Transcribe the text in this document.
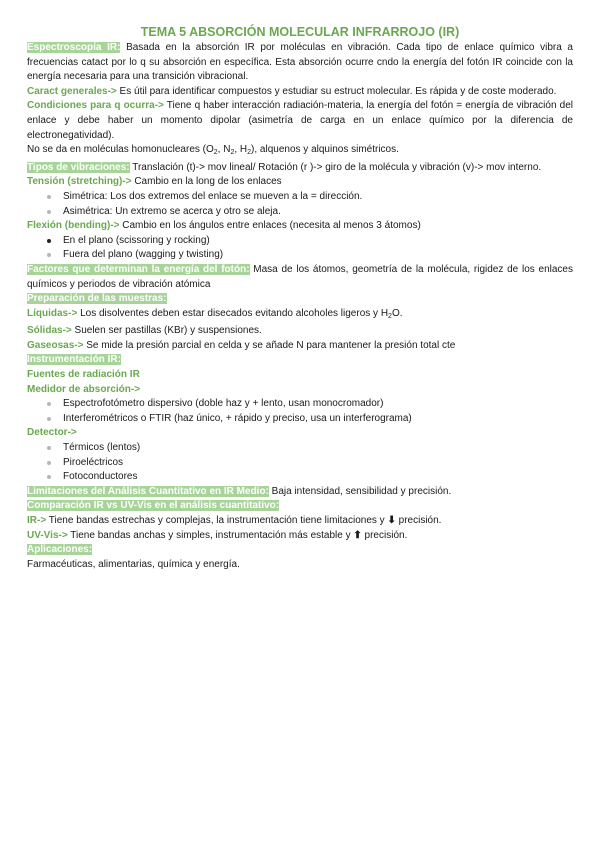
TEMA 5 ABSORCIÓN MOLECULAR INFRARROJO (IR)

Espectroscopía IR: Basada en la absorción IR por moléculas en vibración. Cada tipo de enlace químico vibra a frecuencias catact por lo q su absorción en específica. Esta absorción ocurre cndo la energía del fotón IR coincide con la energía necesaria para una transición vibracional.

Caract generales-> Es útil para identificar compuestos y estudiar su estruct molecular. Es rápida y de coste moderado.

Condiciones para q ocurra-> Tiene q haber interacción radiación-materia, la energía del fotón = energía de vibración del enlace y debe haber un momento dipolar (asimetría de carga en un enlace químico por la diferencia de electronegatividad).

No se da en moléculas homonucleares ($O_2$, $N_2$, $H_2$), alquenos y alquinos simétricos.

Tipos de vibraciones: Translación (t)-> mov lineal/ Rotación (r )-> giro de la molécula y vibración (v)-> mov interno.

Tensión (stretching)-> Cambio en la long de los enlaces

Simétrica: Los dos extremos del enlace se mueven a la = dirección.
Asimétrica: Un extremo se acerca y otro se aleja.

Flexión (bending)-> Cambio en los ángulos entre enlaces (necesita al menos 3 átomos)

En el plano (scissoring y rocking)
Fuera del plano (wagging y twisting)

Factores que determinan la energía del fotón: Masa de los átomos, geometría de la molécula, rigidez de los enlaces químicos y periodos de vibración atómica

Preparación de las muestras:

Líquidas-> Los disolventes deben estar disecados evitando alcoholes ligeros y $H_2O$.

Sólidas-> Suelen ser pastillas (KBr) y suspensiones.

Gaseosas-> Se mide la presión parcial en celda y se añade N para mantener la presión total cte

Instrumentación IR:

Fuentes de radiación IR

Medidor de absorción->

Espectrofotómetro dispersivo (doble haz y + lento, usan monocromador)
Interferométricos o FTIR (haz único, + rápido y preciso, usa un interferograma)

Detector->

Térmicos (lentos)
Piroeléctricos
Fotoconductores

Limitaciones del Análisis Cuantitativo en IR Medio: Baja intensidad, sensibilidad y precisión.

Comparación IR vs UV-Vis en el análisis cuantitativo:

IR-> Tiene bandas estrechas y complejas, la instrumentación tiene limitaciones y ⬇ precisión.

UV-Vis-> Tiene bandas anchas y simples, instrumentación más estable y ⬆ precisión.

Aplicaciones:

Farmacéuticas, alimentarias, química y energía.
